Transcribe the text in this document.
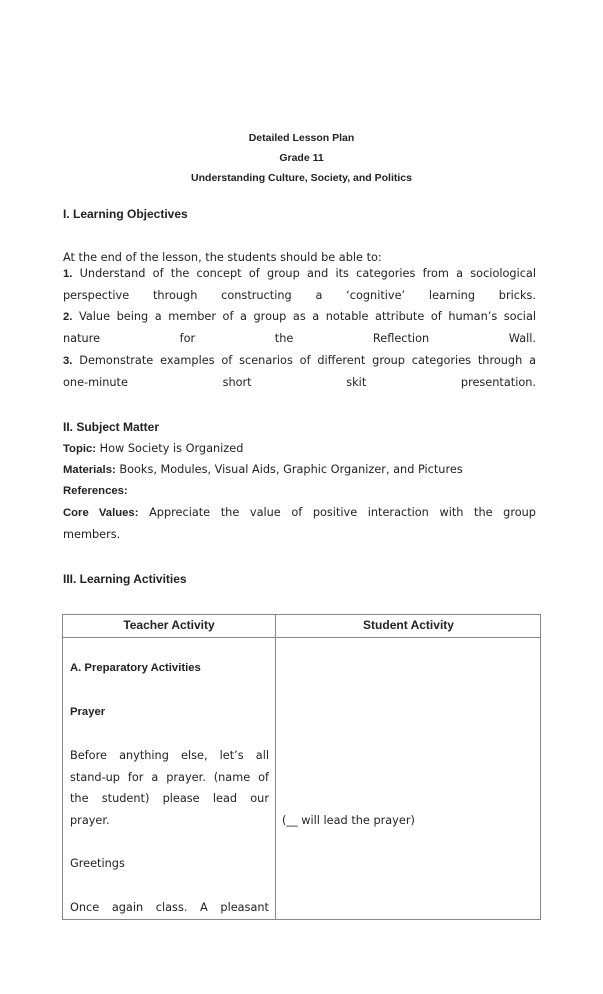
Detailed Lesson Plan
Grade 11
Understanding Culture, Society, and Politics
I. Learning Objectives
At the end of the lesson, the students should be able to:
1. Understand of the concept of group and its categories from a sociological
perspective through constructing a ‘cognitive’ learning bricks.
2. Value being a member of a group as a notable attribute of human’s social
nature for the Reflection Wall.
3. Demonstrate examples of scenarios of different group categories through a
one-minute short skit presentation.
II. Subject Matter
Topic: How Society is Organized
Materials: Books, Modules, Visual Aids, Graphic Organizer, and Pictures
References:
Core Values: Appreciate the value of positive interaction with the group
members.
III. Learning Activities
Teacher Activity	Student Activity
A. Preparatory Activities
Prayer
Before anything else, let’s all
stand-up for a prayer. (name of
the student) please lead our
prayer.	(__ will lead the prayer)
Greetings
Once again class. A pleasant
